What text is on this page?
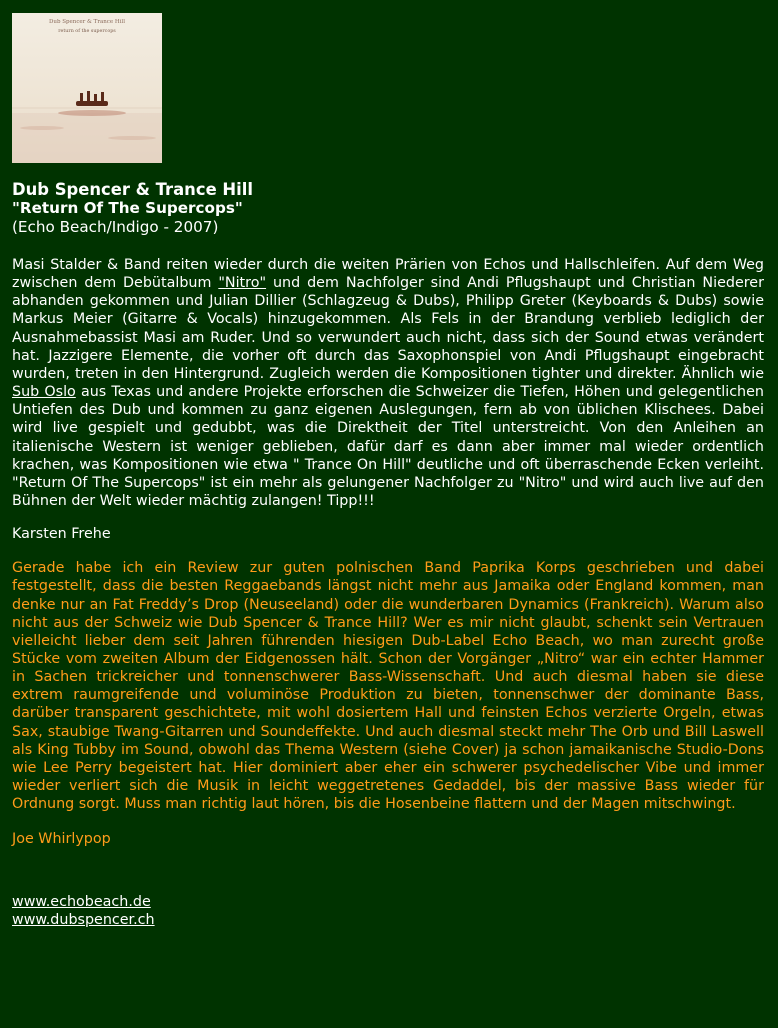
Dub Spencer & Trance Hill
return of the supercops
Dub Spencer & Trance Hill
"Return Of The Supercops"
(Echo Beach/Indigo - 2007)
Masi Stalder & Band reiten wieder durch die weiten Prärien von Echos und Hallschleifen. Auf dem Weg zwischen dem Debütalbum "Nitro" und dem Nachfolger sind Andi Pflugshaupt und Christian Niederer abhanden gekommen und Julian Dillier (Schlagzeug & Dubs), Philipp Greter (Keyboards & Dubs) sowie Markus Meier (Gitarre & Vocals) hinzugekommen. Als Fels in der Brandung verblieb lediglich der Ausnahmebassist Masi am Ruder. Und so verwundert auch nicht, dass sich der Sound etwas verändert hat. Jazzigere Elemente, die vorher oft durch das Saxophonspiel von Andi Pflugshaupt eingebracht wurden, treten in den Hintergrund. Zugleich werden die Kompositionen tighter und direkter. Ähnlich wie Sub Oslo aus Texas und andere Projekte erforschen die Schweizer die Tiefen, Höhen und gelegentlichen Untiefen des Dub und kommen zu ganz eigenen Auslegungen, fern ab von üblichen Klischees. Dabei wird live gespielt und gedubbt, was die Direktheit der Titel unterstreicht. Von den Anleihen an italienische Western ist weniger geblieben, dafür darf es dann aber immer mal wieder ordentlich krachen, was Kompositionen wie etwa " Trance On Hill" deutliche und oft überraschende Ecken verleiht. "Return Of The Supercops" ist ein mehr als gelungener Nachfolger zu "Nitro" und wird auch live auf den Bühnen der Welt wieder mächtig zulangen! Tipp!!!
Karsten Frehe
Gerade habe ich ein Review zur guten polnischen Band Paprika Korps geschrieben und dabei festgestellt, dass die besten Reggaebands längst nicht mehr aus Jamaika oder England kommen, man denke nur an Fat Freddy’s Drop (Neuseeland) oder die wunderbaren Dynamics (Frankreich). Warum also nicht aus der Schweiz wie Dub Spencer & Trance Hill? Wer es mir nicht glaubt, schenkt sein Vertrauen vielleicht lieber dem seit Jahren führenden hiesigen Dub-Label Echo Beach, wo man zurecht große Stücke vom zweiten Album der Eidgenossen hält. Schon der Vorgänger „Nitro“ war ein echter Hammer in Sachen trickreicher und tonnenschwerer Bass-Wissenschaft. Und auch diesmal haben sie diese extrem raumgreifende und voluminöse Produktion zu bieten, tonnenschwer der dominante Bass, darüber transparent geschichtete, mit wohl dosiertem Hall und feinsten Echos verzierte Orgeln, etwas Sax, staubige Twang-Gitarren und Soundeffekte. Und auch diesmal steckt mehr The Orb und Bill Laswell als King Tubby im Sound, obwohl das Thema Western (siehe Cover) ja schon jamaikanische Studio-Dons wie Lee Perry begeistert hat. Hier dominiert aber eher ein schwerer psychedelischer Vibe und immer wieder verliert sich die Musik in leicht weggetretenes Gedaddel, bis der massive Bass wieder für Ordnung sorgt. Muss man richtig laut hören, bis die Hosenbeine flattern und der Magen mitschwingt.
Joe Whirlypop
www.echobeach.de
www.dubspencer.ch
